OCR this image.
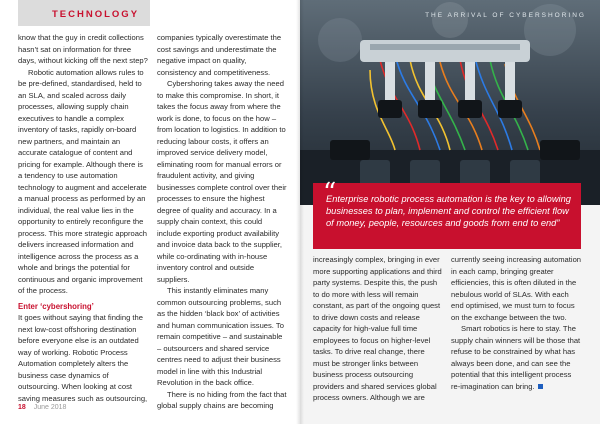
THE ARRIVAL OF CYBERSHORING
TECHNOLOGY

know that the guy in credit collections hasn’t sat on information for three days, without kicking off the next step?

Robotic automation allows rules to be pre-defined, standardised, held to an SLA, and scaled across daily processes, allowing supply chain executives to handle a complex inventory of tasks, rapidly on-board new partners, and maintain an accurate catalogue of content and pricing for example. Although there is a tendency to use automation technology to augment and accelerate a manual process as performed by an individual, the real value lies in the opportunity to entirely reconfigure the process. This more strategic approach delivers increased information and intelligence across the process as a whole and brings the potential for continuous and organic improvement of the process.

Enter ‘cybershoring’

It goes without saying that finding the next low-cost offshoring destination before everyone else is an outdated way of working. Robotic Process Automation completely alters the business case dynamics of outsourcing. When looking at cost saving measures such as outsourcing,

companies typically overestimate the cost savings and underestimate the negative impact on quality, consistency and competitiveness.

Cybershoring takes away the need to make this compromise. In short, it takes the focus away from where the work is done, to focus on the how – from location to logistics. In addition to reducing labour costs, it offers an improved service delivery model, eliminating room for manual errors or fraudulent activity, and giving businesses complete control over their processes to ensure the highest degree of quality and accuracy. In a supply chain context, this could include exporting product availability and invoice data back to the supplier, while co-ordinating with in-house inventory control and outside suppliers.

This instantly eliminates many common outsourcing problems, such as the hidden ‘black box’ of activities and human communication issues. To remain competitive – and sustainable – outsourcers and shared service centres need to adjust their business model in line with this Industrial Revolution in the back office.

There is no hiding from the fact that global supply chains are becoming

“
Enterprise robotic process automation is the key to allowing businesses to plan, implement and control the efficient flow of money, people, resources and goods from end to end”

increasingly complex, bringing in ever more supporting applications and third party systems. Despite this, the push to do more with less will remain constant, as part of the ongoing quest to drive down costs and release capacity for high-value full time employees to focus on higher-level tasks. To drive real change, there must be stronger links between business process outsourcing providers and shared services global process owners. Although we are

currently seeing increasing automation in each camp, bringing greater efficiencies, this is often diluted in the nebulous world of SLAs. With each end optimised, we must turn to focus on the exchange between the two.

Smart robotics is here to stay. The supply chain winners will be those that refuse to be constrained by what has always been done, and can see the potential that this intelligent process re-imagination can bring.

18 June 2018
